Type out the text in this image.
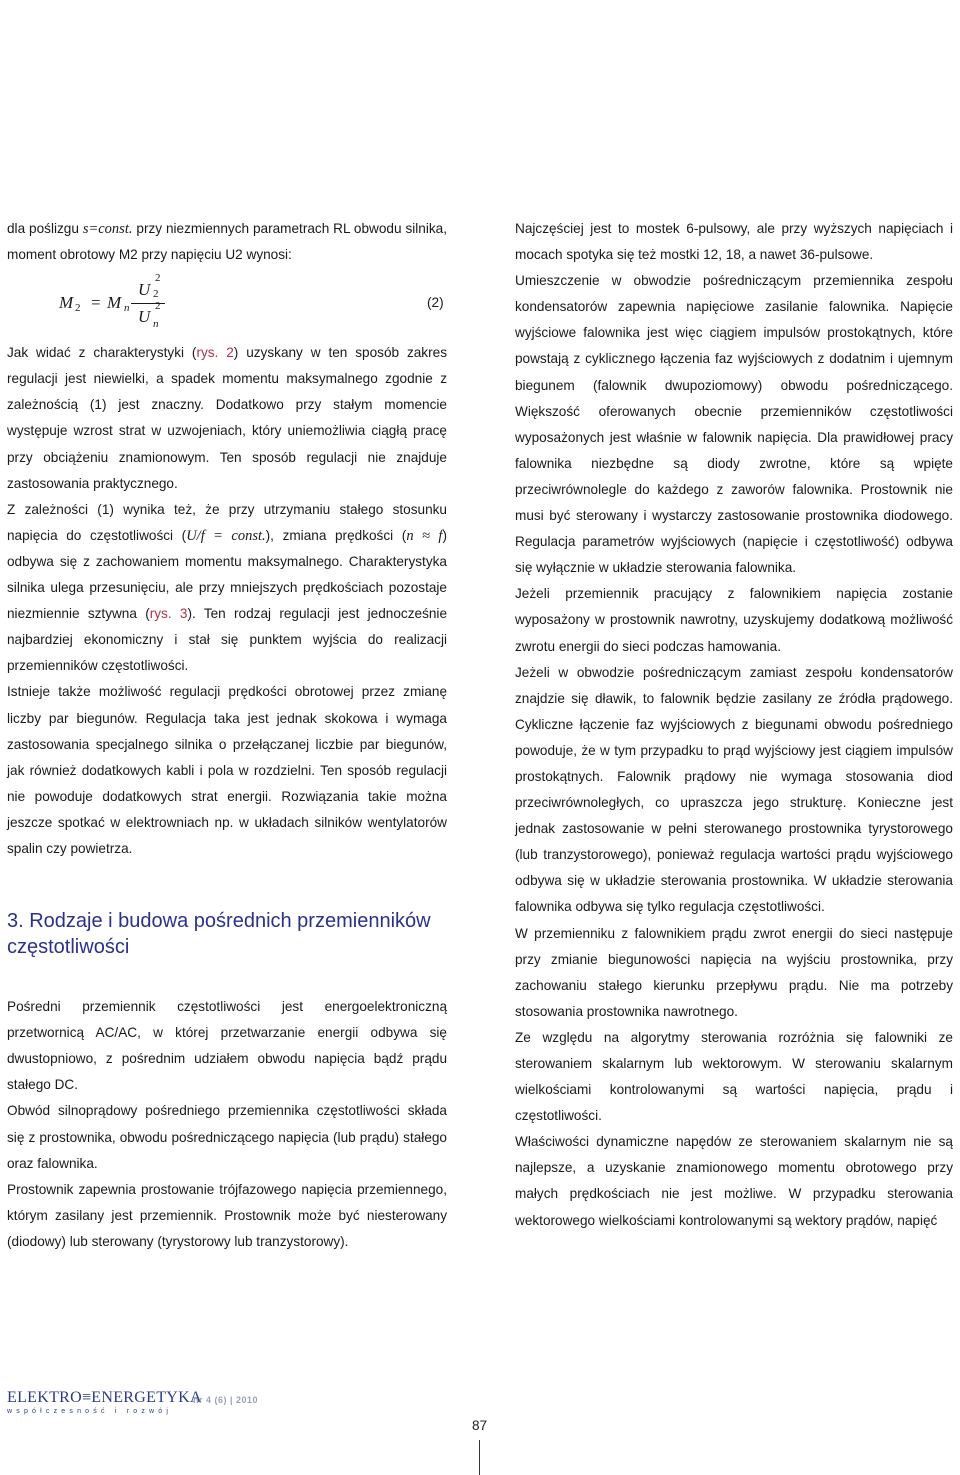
dla poślizgu s=const. przy niezmiennych parametrach RL obwodu silnika, moment obrotowy M2 przy napięciu U2 wynosi:

M 2 = M n
U
2
2
U
2
n
(2)

Jak widać z charakterystyki (rys. 2) uzyskany w ten sposób zakres regulacji jest niewielki, a spadek momentu maksymalnego zgodnie z zależnością (1) jest znaczny. Dodatkowo przy stałym momencie występuje wzrost strat w uzwojeniach, który uniemożliwia ciągłą pracę przy obciążeniu znamionowym. Ten sposób regulacji nie znajduje zastosowania praktycznego.

Z zależności (1) wynika też, że przy utrzymaniu stałego stosunku napięcia do częstotliwości (U/f = const.), zmiana prędkości (n ≈ f) odbywa się z zachowaniem momentu maksymalnego. Charakterystyka silnika ulega przesunięciu, ale przy mniejszych prędkościach pozostaje niezmiennie sztywna (rys. 3). Ten rodzaj regulacji jest jednocześnie najbardziej ekonomiczny i stał się punktem wyjścia do realizacji przemienników częstotliwości.

Istnieje także możliwość regulacji prędkości obrotowej przez zmianę liczby par biegunów. Regulacja taka jest jednak skokowa i wymaga zastosowania specjalnego silnika o przełączanej liczbie par biegunów, jak również dodatkowych kabli i pola w rozdzielni. Ten sposób regulacji nie powoduje dodatkowych strat energii. Rozwiązania takie można jeszcze spotkać w elektrowniach np. w układach silników wentylatorów spalin czy powietrza.

3. Rodzaje i budowa pośrednich przemienników częstotliwości

Pośredni przemiennik częstotliwości jest energoelektroniczną przetwornicą AC/AC, w której przetwarzanie energii odbywa się dwustopniowo, z pośrednim udziałem obwodu napięcia bądź prądu stałego DC.

Obwód silnoprądowy pośredniego przemiennika częstotliwości składa się z prostownika, obwodu pośredniczącego napięcia (lub prądu) stałego oraz falownika.

Prostownik zapewnia prostowanie trójfazowego napięcia przemiennego, którym zasilany jest przemiennik. Prostownik może być niesterowany (diodowy) lub sterowany (tyrystorowy lub tranzystorowy).

Najczęściej jest to mostek 6-pulsowy, ale przy wyższych napięciach i mocach spotyka się też mostki 12, 18, a nawet 36-pulsowe.

Umieszczenie w obwodzie pośredniczącym przemiennika zespołu kondensatorów zapewnia napięciowe zasilanie falownika. Napięcie wyjściowe falownika jest więc ciągiem impulsów prostokątnych, które powstają z cyklicznego łączenia faz wyjściowych z dodatnim i ujemnym biegunem (falownik dwupoziomowy) obwodu pośredniczącego. Większość oferowanych obecnie przemienników częstotliwości wyposażonych jest właśnie w falownik napięcia. Dla prawidłowej pracy falownika niezbędne są diody zwrotne, które są wpięte przeciwrównolegle do każdego z zaworów falownika. Prostownik nie musi być sterowany i wystarczy zastosowanie prostownika diodowego. Regulacja parametrów wyjściowych (napięcie i częstotliwość) odbywa się wyłącznie w układzie sterowania falownika.

Jeżeli przemiennik pracujący z falownikiem napięcia zostanie wyposażony w prostownik nawrotny, uzyskujemy dodatkową możliwość zwrotu energii do sieci podczas hamowania.

Jeżeli w obwodzie pośredniczącym zamiast zespołu kondensatorów znajdzie się dławik, to falownik będzie zasilany ze źródła prądowego. Cykliczne łączenie faz wyjściowych z biegunami obwodu pośredniego powoduje, że w tym przypadku to prąd wyjściowy jest ciągiem impulsów prostokątnych. Falownik prądowy nie wymaga stosowania diod przeciwrównoległych, co upraszcza jego strukturę. Konieczne jest jednak zastosowanie w pełni sterowanego prostownika tyrystorowego (lub tranzystorowego), ponieważ regulacja wartości prądu wyjściowego odbywa się w układzie sterowania prostownika. W układzie sterowania falownika odbywa się tylko regulacja częstotliwości.

W przemienniku z falownikiem prądu zwrot energii do sieci następuje przy zmianie biegunowości napięcia na wyjściu prostownika, przy zachowaniu stałego kierunku przepływu prądu. Nie ma potrzeby stosowania prostownika nawrotnego.

Ze względu na algorytmy sterowania rozróżnia się falowniki ze sterowaniem skalarnym lub wektorowym. W sterowaniu skalarnym wielkościami kontrolowanymi są wartości napięcia, prądu i częstotliwości.

Właściwości dynamiczne napędów ze sterowaniem skalarnym nie są najlepsze, a uzyskanie znamionowego momentu obrotowego przy małych prędkościach nie jest możliwe. W przypadku sterowania wektorowego wielkościami kontrolowanymi są wektory prądów, napięć

ELEKTRO≡ENERGETYKA
współczesność i rozwój
nr 4 (6) | 2010
87
